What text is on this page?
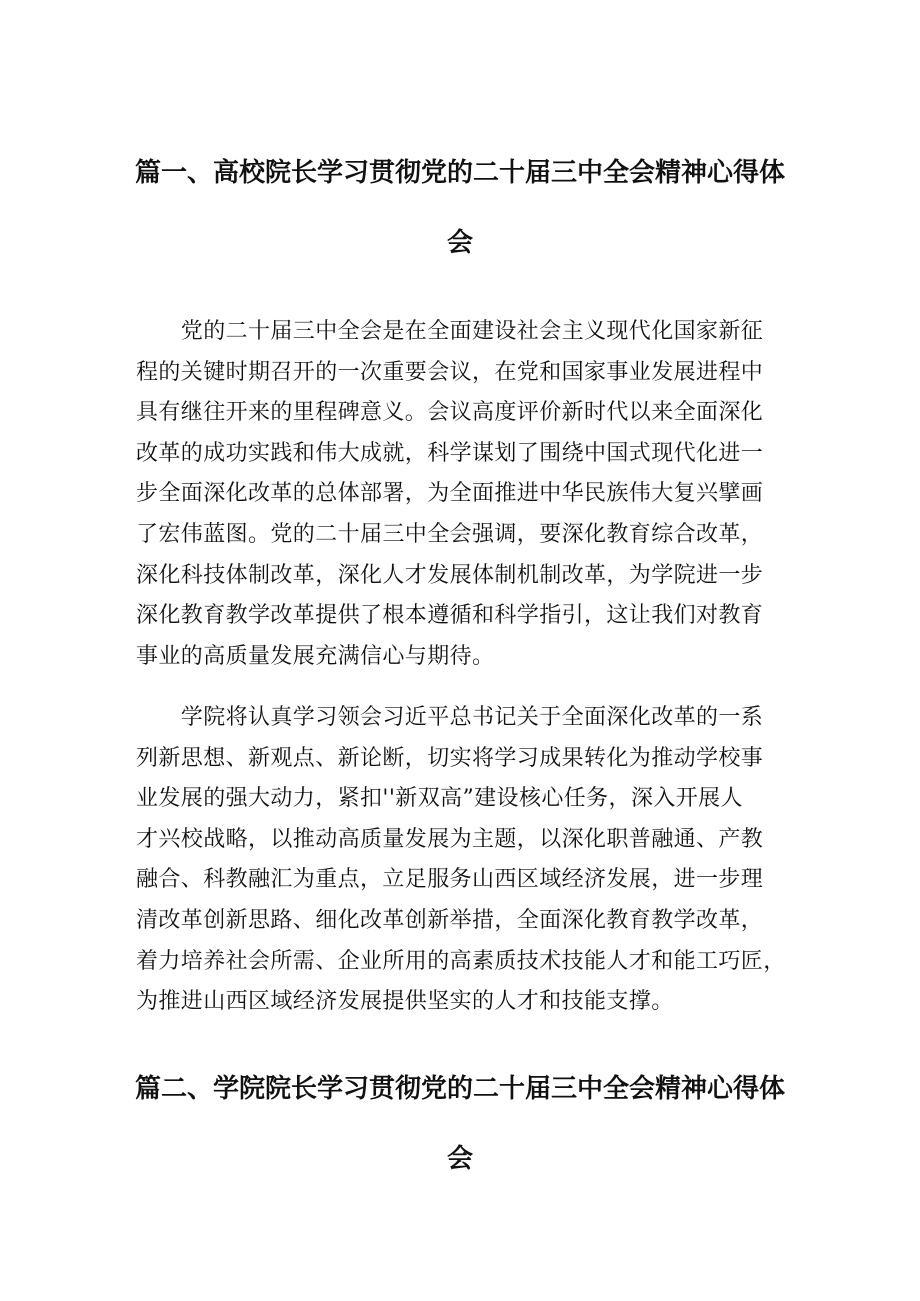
篇一、高校院长学习贯彻党的二十届三中全会精神心得体
会
　　党的二十届三中全会是在全面建设社会主义现代化国家新征
程的关键时期召开的一次重要会议，在党和国家事业发展进程中
具有继往开来的里程碑意义。会议高度评价新时代以来全面深化
改革的成功实践和伟大成就，科学谋划了围绕中国式现代化进一
步全面深化改革的总体部署，为全面推进中华民族伟大复兴擘画
了宏伟蓝图。党的二十届三中全会强调，要深化教育综合改革，
深化科技体制改革，深化人才发展体制机制改革，为学院进一步
深化教育教学改革提供了根本遵循和科学指引，这让我们对教育
事业的高质量发展充满信心与期待。
　　学院将认真学习领会习近平总书记关于全面深化改革的一系
列新思想、新观点、新论断，切实将学习成果转化为推动学校事
业发展的强大动力，紧扣''新双高”建设核心任务，深入开展人
才兴校战略，以推动高质量发展为主题，以深化职普融通、产教
融合、科教融汇为重点，立足服务山西区域经济发展，进一步理
清改革创新思路、细化改革创新举措，全面深化教育教学改革，
着力培养社会所需、企业所用的高素质技术技能人才和能工巧匠，
为推进山西区域经济发展提供坚实的人才和技能支撑。
篇二、学院院长学习贯彻党的二十届三中全会精神心得体
会
